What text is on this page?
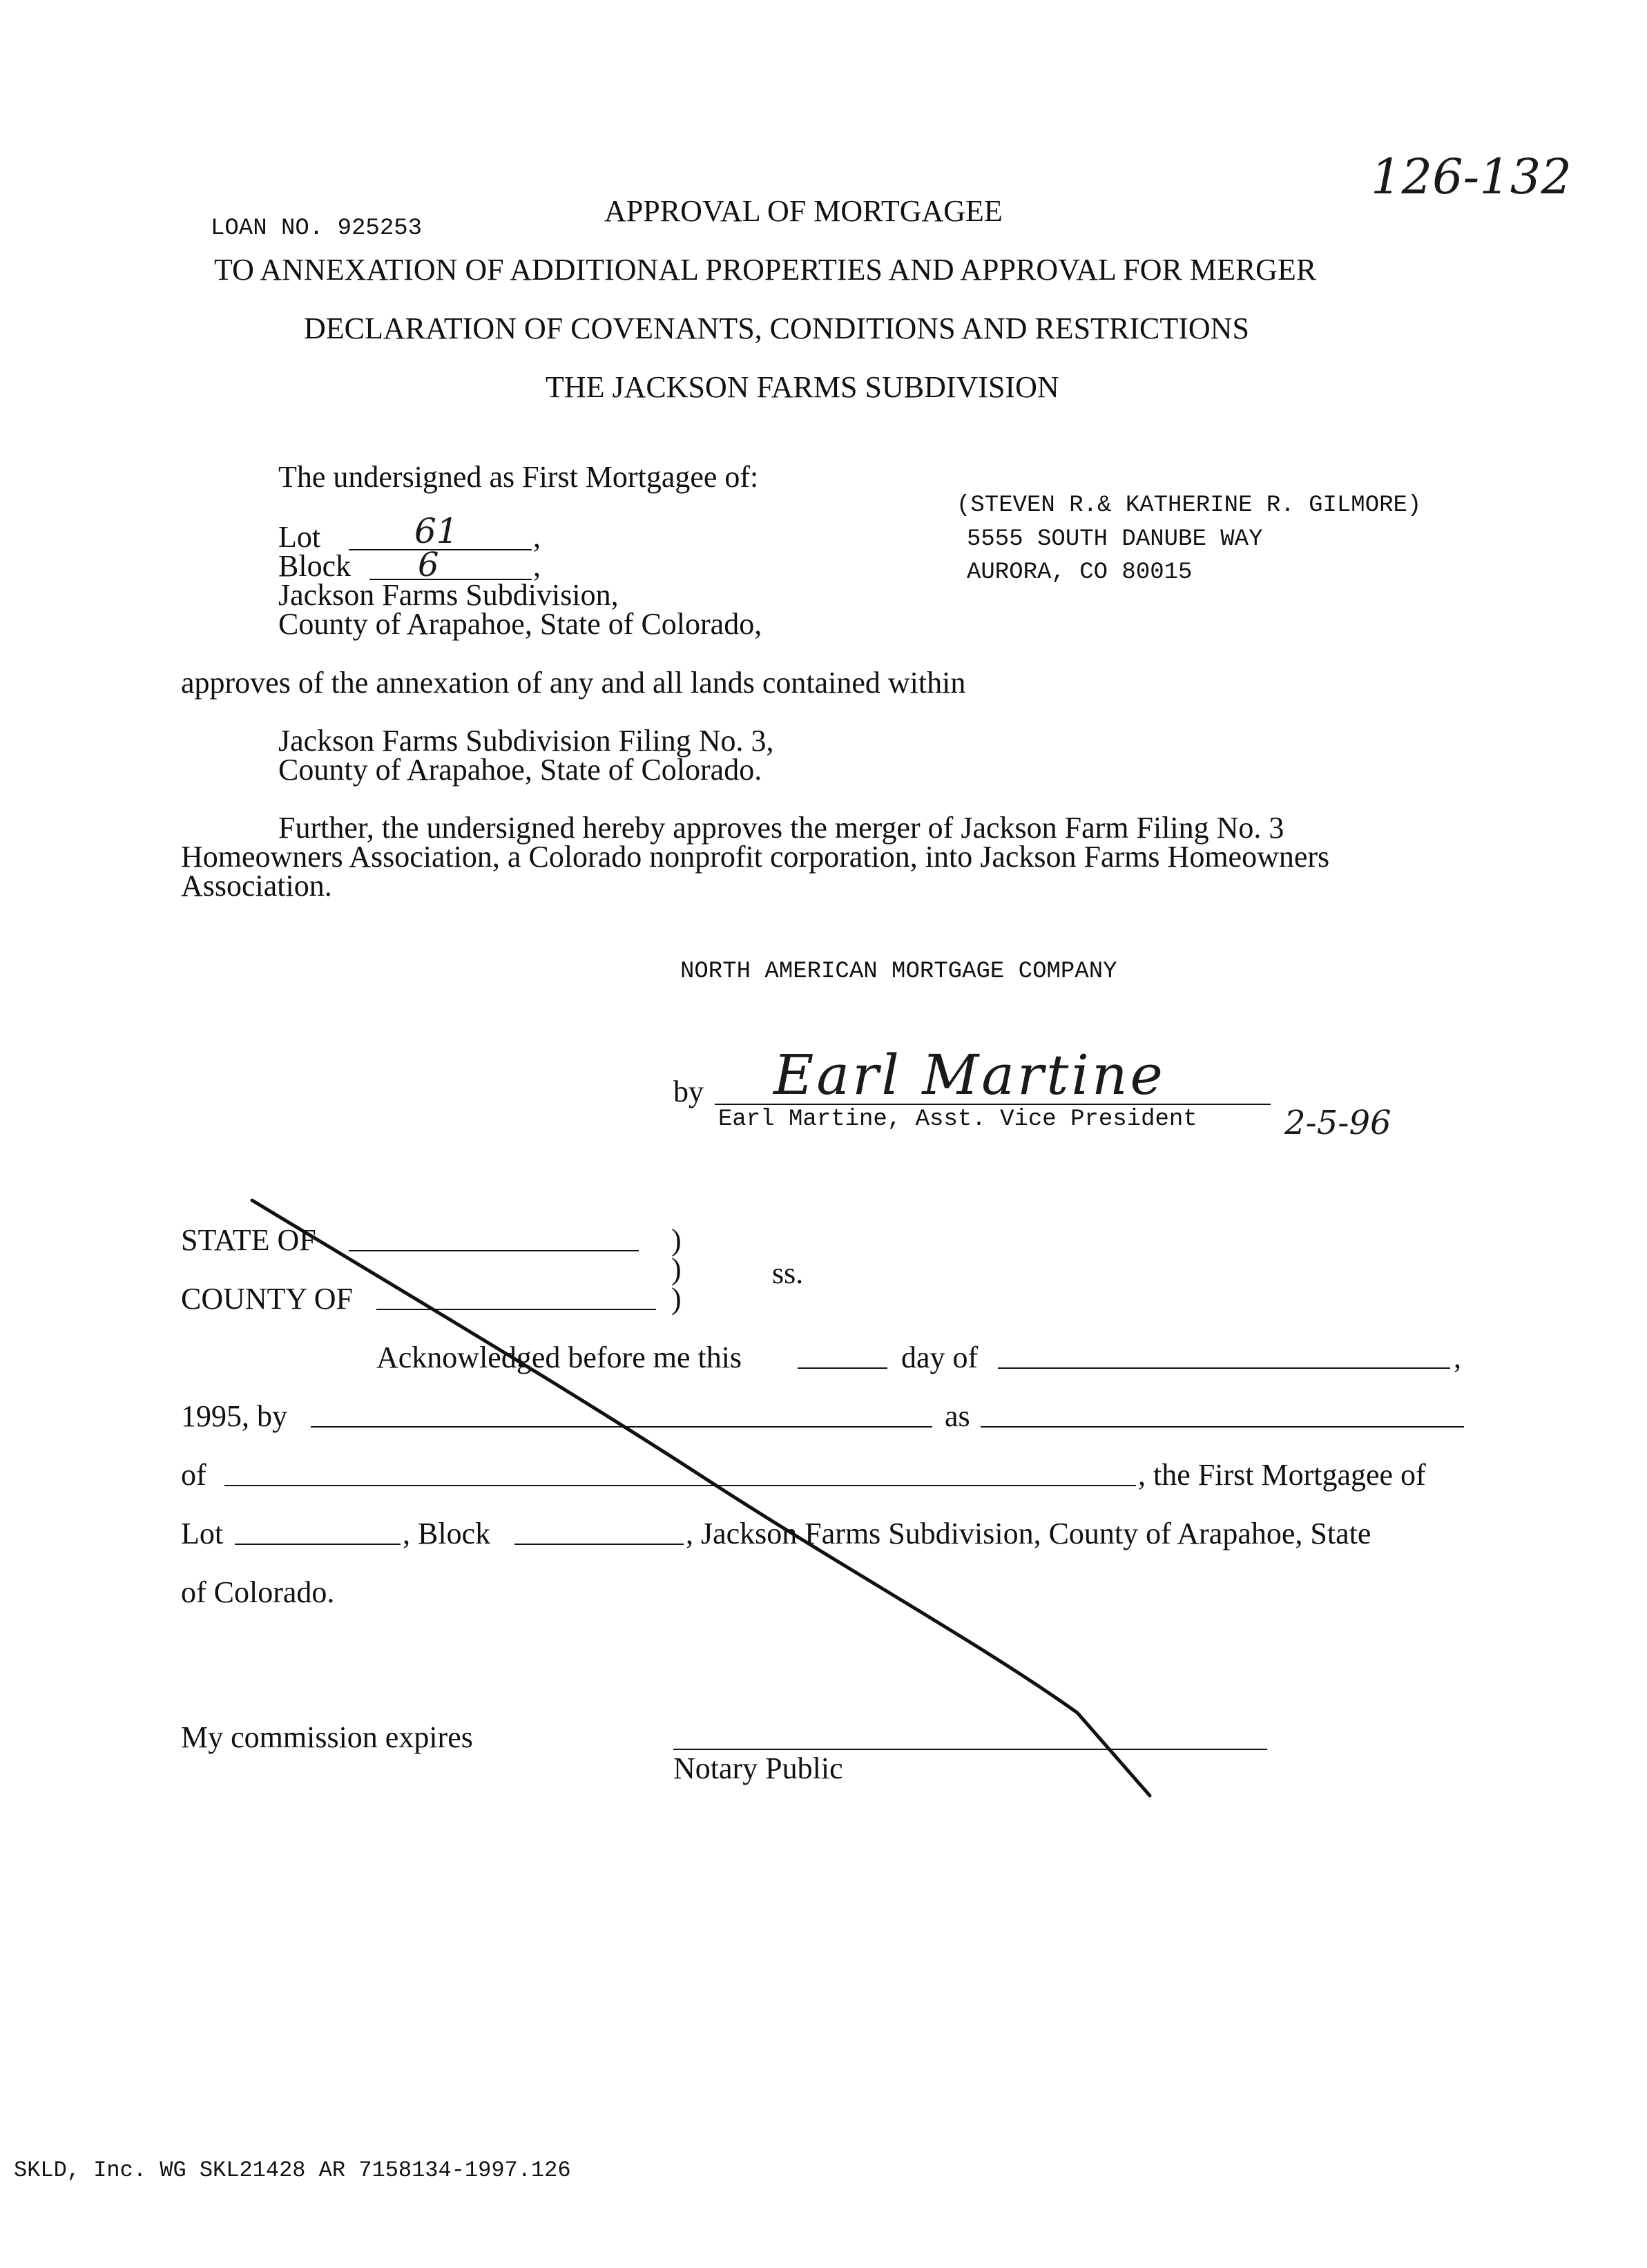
126-132
LOAN NO. 925253
APPROVAL OF MORTGAGEE
TO ANNEXATION OF ADDITIONAL PROPERTIES AND APPROVAL FOR MERGER
DECLARATION OF COVENANTS, CONDITIONS AND RESTRICTIONS
THE JACKSON FARMS SUBDIVISION
The undersigned as First Mortgagee of:
Lot	61 ,
Block 6	,
Jackson Farms Subdivision,
County of Arapahoe, State of Colorado,
(STEVEN R.& KATHERINE R. GILMORE)
5555 SOUTH DANUBE WAY
AURORA, CO 80015
approves of the annexation of any and all lands contained within
Jackson Farms Subdivision Filing No. 3,
County of Arapahoe, State of Colorado.
Further, the undersigned hereby approves the merger of Jackson Farm Filing No. 3
Homeowners Association, a Colorado nonprofit corporation, into Jackson Farms Homeowners
Association.
NORTH AMERICAN MORTGAGE COMPANY
by Earl Martine
Earl Martine, Asst. Vice President	2-5-96
STATE OF	)
)	ss.
COUNTY OF	)
Acknowledged before me this	day of	,
1995, by	as
of	, the First Mortgagee of
Lot	, Block	, Jackson Farms Subdivision, County of Arapahoe, State
of Colorado.
My commission expires
Notary Public
SKLD, Inc. WG SKL21428 AR 7158134-1997.126
